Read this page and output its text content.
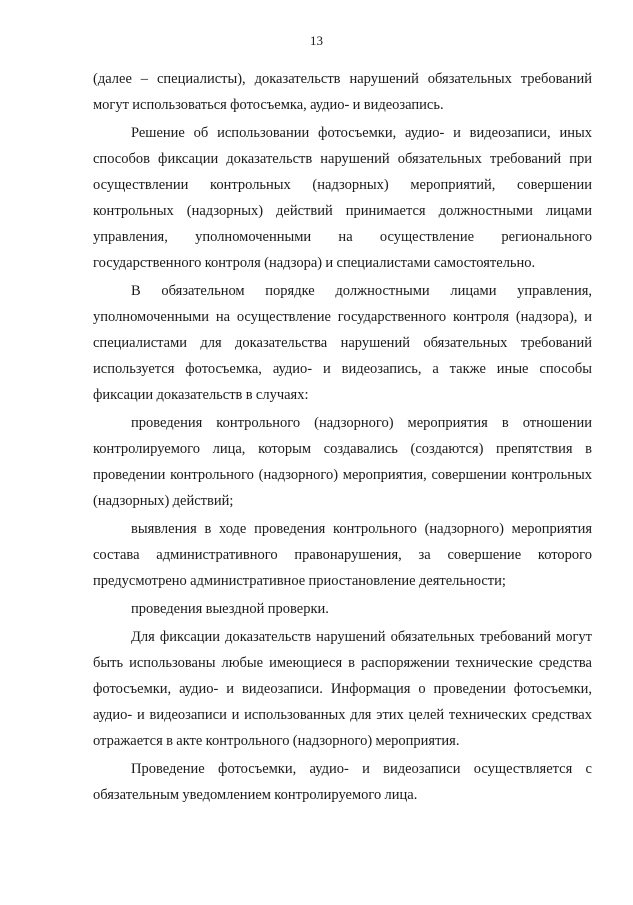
13

(далее – специалисты), доказательств нарушений обязательных требований могут использоваться фотосъемка, аудио- и видеозапись.

Решение об использовании фотосъемки, аудио- и видеозаписи, иных способов фиксации доказательств нарушений обязательных требований при осуществлении контрольных (надзорных) мероприятий, совершении контрольных (надзорных) действий принимается должностными лицами управления, уполномоченными на осуществление регионального государственного контроля (надзора) и специалистами самостоятельно.

В обязательном порядке должностными лицами управления, уполномоченными на осуществление государственного контроля (надзора), и специалистами для доказательства нарушений обязательных требований используется фотосъемка, аудио- и видеозапись, а также иные способы фиксации доказательств в случаях:

проведения контрольного (надзорного) мероприятия в отношении контролируемого лица, которым создавались (создаются) препятствия в проведении контрольного (надзорного) мероприятия, совершении контрольных (надзорных) действий;

выявления в ходе проведения контрольного (надзорного) мероприятия состава административного правонарушения, за совершение которого предусмотрено административное приостановление деятельности;

проведения выездной проверки.

Для фиксации доказательств нарушений обязательных требований могут быть использованы любые имеющиеся в распоряжении технические средства фотосъемки, аудио- и видеозаписи. Информация о проведении фотосъемки, аудио- и видеозаписи и использованных для этих целей технических средствах отражается в акте контрольного (надзорного) мероприятия.

Проведение фотосъемки, аудио- и видеозаписи осуществляется с обязательным уведомлением контролируемого лица.
